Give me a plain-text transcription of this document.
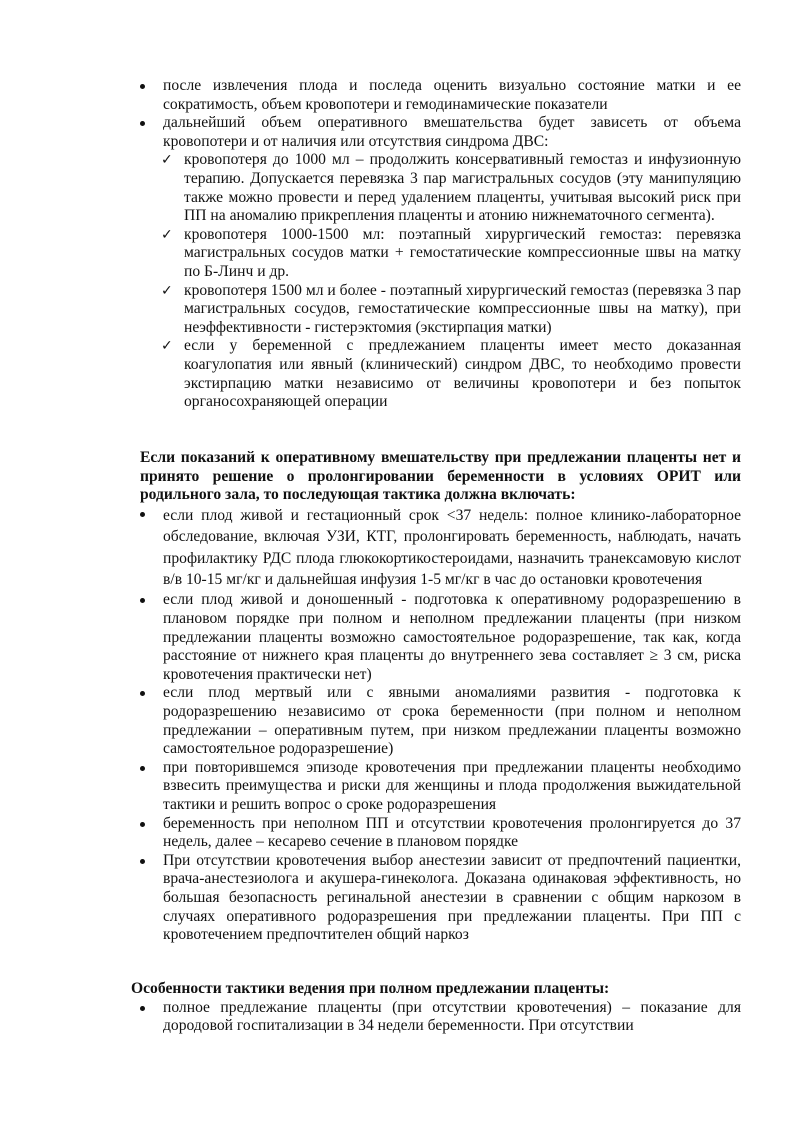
после извлечения плода и последа оценить визуально состояние матки и ее сократимость, объем кровопотери и гемодинамические показатели
дальнейший объем оперативного вмешательства будет зависеть от объема кровопотери и от наличия или отсутствия синдрома ДВС:
✓ кровопотеря до 1000 мл – продолжить консервативный гемостаз и инфузионную терапию. Допускается перевязка 3 пар магистральных сосудов (эту манипуляцию также можно провести и перед удалением плаценты, учитывая высокий риск при ПП на аномалию прикрепления плаценты и атонию нижнематочного сегмента).
✓ кровопотеря 1000-1500 мл: поэтапный хирургический гемостаз: перевязка магистральных сосудов матки + гемостатические компрессионные швы на матку по Б-Линч и др.
✓ кровопотеря 1500 мл и более - поэтапный хирургический гемостаз (перевязка 3 пар магистральных сосудов, гемостатические компрессионные швы на матку), при неэффективности - гистерэктомия (экстирпация матки)
✓ если у беременной с предлежанием плаценты имеет место доказанная коагулопатия или явный (клинический) синдром ДВС, то необходимо провести экстирпацию матки независимо от величины кровопотери и без попыток органосохраняющей операции
Если показаний к оперативному вмешательству при предлежании плаценты нет и принято решение о пролонгировании беременности в условиях ОРИТ или родильного зала, то последующая тактика должна включать:
если плод живой и гестационный срок <37 недель: полное клинико-лабораторное обследование, включая УЗИ, КТГ, пролонгировать беременность, наблюдать, начать профилактику РДС плода глюкокортикостероидами, назначить транексамовую кислот в/в 10-15 мг/кг и дальнейшая инфузия 1-5 мг/кг в час до остановки кровотечения
если плод живой и доношенный - подготовка к оперативному родоразрешению в плановом порядке при полном и неполном предлежании плаценты (при низком предлежании плаценты возможно самостоятельное родоразрешение, так как, когда расстояние от нижнего края плаценты до внутреннего зева составляет ≥ 3 см, риска кровотечения практически нет)
если плод мертвый или с явными аномалиями развития - подготовка к родоразрешению независимо от срока беременности (при полном и неполном предлежании – оперативным путем, при низком предлежании плаценты возможно самостоятельное родоразрешение)
при повторившемся эпизоде кровотечения при предлежании плаценты необходимо взвесить преимущества и риски для женщины и плода продолжения выжидательной тактики и решить вопрос о сроке родоразрешения
беременность при неполном ПП и отсутствии кровотечения пролонгируется до 37 недель, далее – кесарево сечение в плановом порядке
При отсутствии кровотечения выбор анестезии зависит от предпочтений пациентки, врача-анестезиолога и акушера-гинеколога. Доказана одинаковая эффективность, но большая безопасность регинальной анестезии в сравнении с общим наркозом в случаях оперативного родоразрешения при предлежании плаценты. При ПП с кровотечением предпочтителен общий наркоз
Особенности тактики ведения при полном предлежании плаценты:
полное предлежание плаценты (при отсутствии кровотечения) – показание для дородовой госпитализации в 34 недели беременности. При отсутствии
